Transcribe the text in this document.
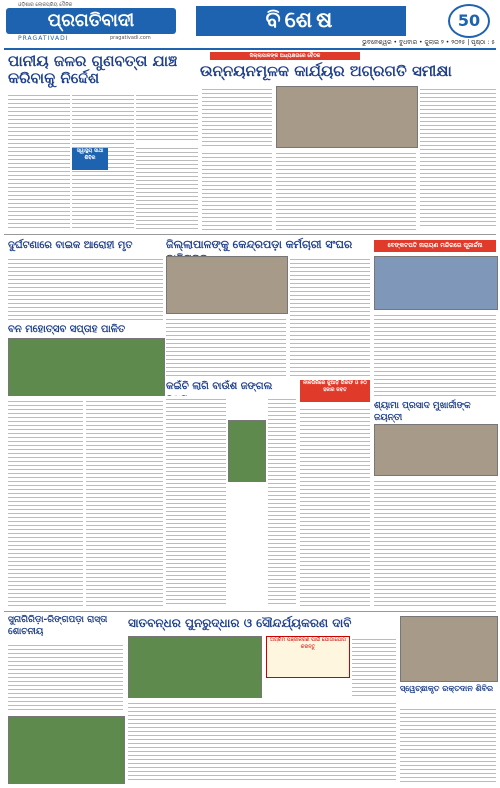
ଓଡ଼ିଶାର ଲୋକପ୍ରିୟ ଦୈନିକ
ପ୍ରଗତିବାଦୀ
PRAGATIVADI	pragativadi.com
ବିଶେଷ	50
ଭୁବନେଶ୍ୱର • ବୁଧବାର • ଜୁଲାଇ ୨ • ୨୦୨୫ | ପୃଷ୍ଠା : ୫
ପାନୀୟ ଜଳର ଗୁଣବତ୍ତା ଯାଞ୍ଚ କରିବାକୁ ନିର୍ଦ୍ଦେଶ
ସ୍ୱାସ୍ଥ୍ୟ ସାଥୀ ଶିବିର
ଜିଲ୍ଲାପାଳଙ୍କ ଅଧ୍ୟକ୍ଷତାରେ ବୈଠକ
ଉନ୍ନୟନମୂଳକ କାର୍ଯ୍ୟର ଅଗ୍ରଗତି ସମୀକ୍ଷା
ଦୁର୍ଘଟଣାରେ ବାଇକ ଆରୋହୀ ମୃତ	ଜିଲ୍ଲାପାଳଙ୍କୁ କେନ୍ଦ୍ରପଡ଼ା କର୍ମଚାରୀ ସଂଘର	ବେଙ୍କଟପତି ନାରାୟଣ ମନ୍ଦିରରେ ପୂଜାର୍ଚ୍ଚନା
ବନ ମହୋତ୍ସବ ସପ୍ତାହ ପାଳିତ
କଇଁଚି ଲାଗି ବାଉଁଶ ଜଙ୍ଗଲ	ନୀଳଗିରିରେ ଜୁଆଡ଼ି ଗିରଫ ଓ ୫୦ ହଜାର ଜବତ
ଶ୍ୟାମା ପ୍ରସାଦ ମୁଖାର୍ଜୀଙ୍କ ଜୟନ୍ତୀ
ସୁନାଗିରିଡ଼ା-ରିଙ୍ଗପଡ଼ା ରାସ୍ତା ଶୋଚନୀୟ
ସାତବନ୍ଧର ପୁନରୁଦ୍ଧାର ଓ ସୌନ୍ଦର୍ଯ୍ୟକରଣ ଦାବି
ଅଗ୍ରିମ ପଞ୍ଜୀକରଣ ପାଇଁ ଯୋଗାଯୋଗ କରନ୍ତୁ
ସ୍ୱେଚ୍ଛାକୃତ ରକ୍ତଦାନ ଶିବିର
